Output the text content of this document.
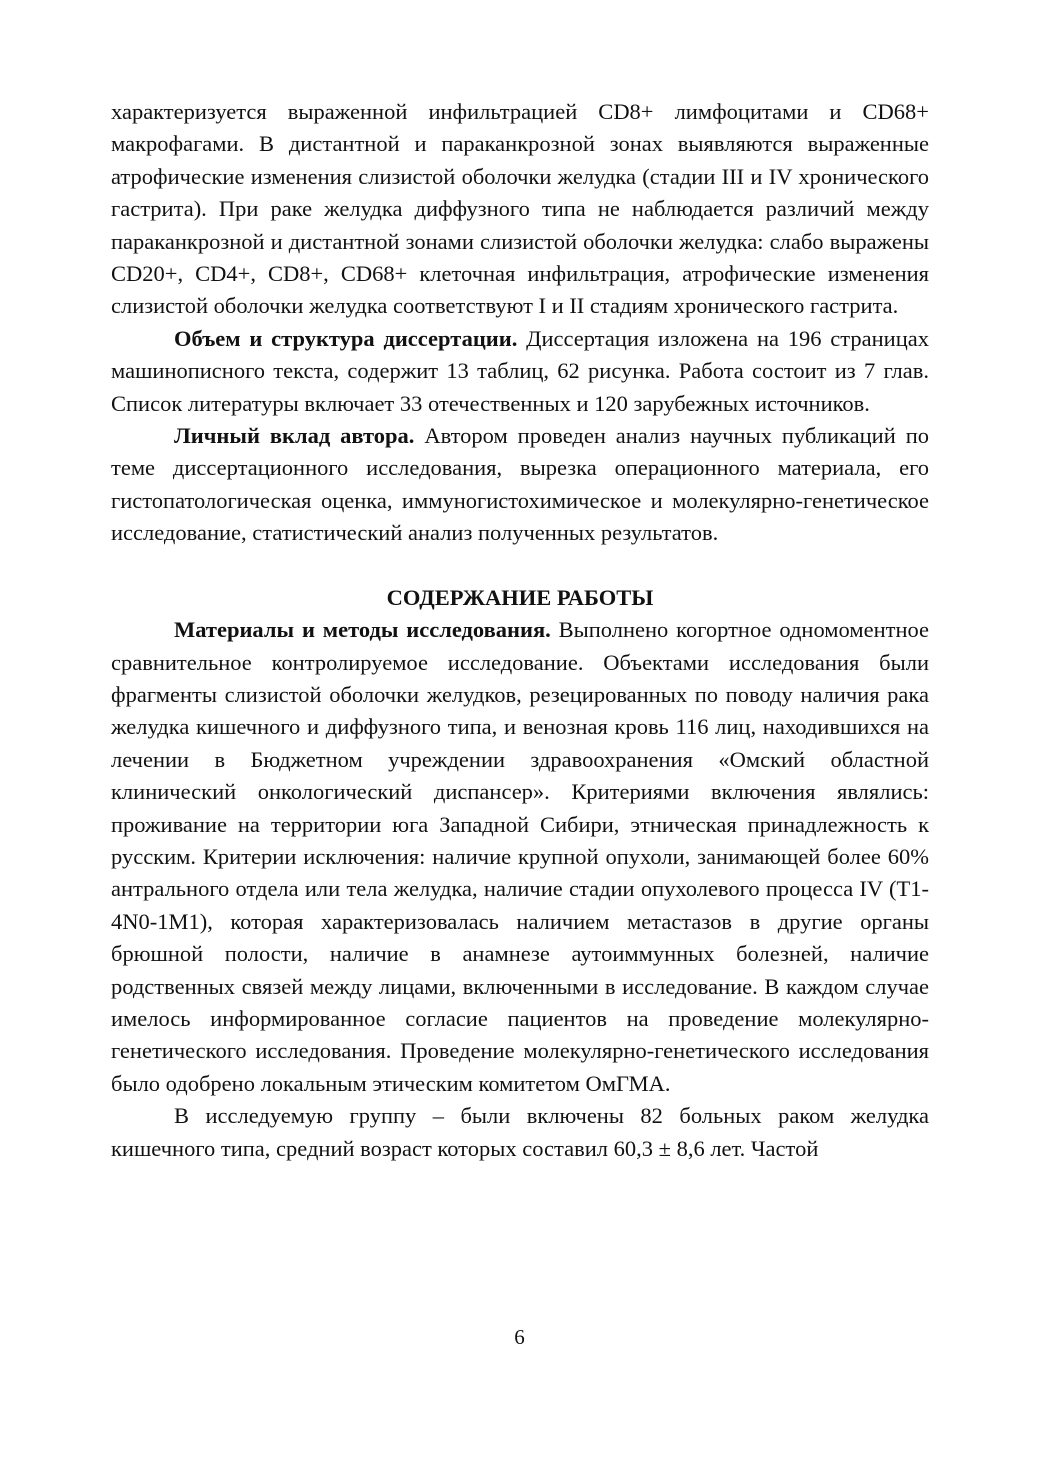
характеризуется выраженной инфильтрацией CD8+ лимфоцитами и CD68+ макрофагами. В дистантной и параканкрозной зонах выявляются выраженные атрофические изменения слизистой оболочки желудка (стадии III и IV хронического гастрита). При раке желудка диффузного типа не наблюдается различий между параканкрозной и дистантной зонами слизистой оболочки желудка: слабо выражены CD20+, CD4+, CD8+, CD68+ клеточная инфильтрация, атрофические изменения слизистой оболочки желудка соответствуют I и II стадиям хронического гастрита.

Объем и структура диссертации. Диссертация изложена на 196 страницах машинописного текста, содержит 13 таблиц, 62 рисунка. Работа состоит из 7 глав. Список литературы включает 33 отечественных и 120 зарубежных источников.

Личный вклад автора. Автором проведен анализ научных публикаций по теме диссертационного исследования, вырезка операционного материала, его гистопатологическая оценка, иммуногистохимическое и молекулярно-генетическое исследование, статистический анализ полученных результатов.

СОДЕРЖАНИЕ РАБОТЫ

Материалы и методы исследования. Выполнено когортное одномоментное сравнительное контролируемое исследование. Объектами исследования были фрагменты слизистой оболочки желудков, резецированных по поводу наличия рака желудка кишечного и диффузного типа, и венозная кровь 116 лиц, находившихся на лечении в Бюджетном учреждении здравоохранения «Омский областной клинический онкологический диспансер». Критериями включения являлись: проживание на территории юга Западной Сибири, этническая принадлежность к русским. Критерии исключения: наличие крупной опухоли, занимающей более 60% антрального отдела или тела желудка, наличие стадии опухолевого процесса IV (T1-4N0-1M1), которая характеризовалась наличием метастазов в другие органы брюшной полости, наличие в анамнезе аутоиммунных болезней, наличие родственных связей между лицами, включенными в исследование. В каждом случае имелось информированное согласие пациентов на проведение молекулярно-генетического исследования. Проведение молекулярно-генетического исследования было одобрено локальным этическим комитетом ОмГМА.

В исследуемую группу – были включены 82 больных раком желудка кишечного типа, средний возраст которых составил 60,3 ± 8,6 лет. Частой

6
